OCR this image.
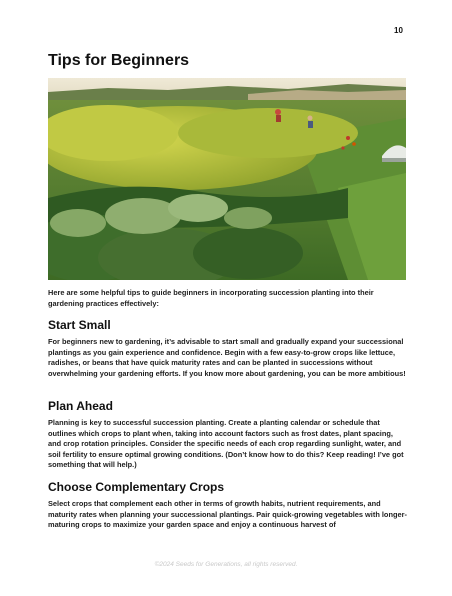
10
Tips for Beginners

Here are some helpful tips to guide beginners in incorporating succession planting into their gardening practices effectively:

Start Small

For beginners new to gardening, it’s advisable to start small and gradually expand your successional plantings as you gain experience and confidence. Begin with a few easy-to-grow crops like lettuce, radishes, or beans that have quick maturity rates and can be planted in successions without overwhelming your gardening efforts. If you know more about gardening, you can be more ambitious!

Plan Ahead

Planning is key to successful succession planting. Create a planting calendar or schedule that outlines which crops to plant when, taking into account factors such as frost dates, plant spacing, and crop rotation principles. Consider the specific needs of each crop regarding sunlight, water, and soil fertility to ensure optimal growing conditions. (Don’t know how to do this? Keep reading! I’ve got something that will help.)

Choose Complementary Crops

Select crops that complement each other in terms of growth habits, nutrient requirements, and maturity rates when planning your successional plantings. Pair quick-growing vegetables with longer-maturing crops to maximize your garden space and enjoy a continuous harvest of

©2024 Seeds for Generations, all rights reserved.
